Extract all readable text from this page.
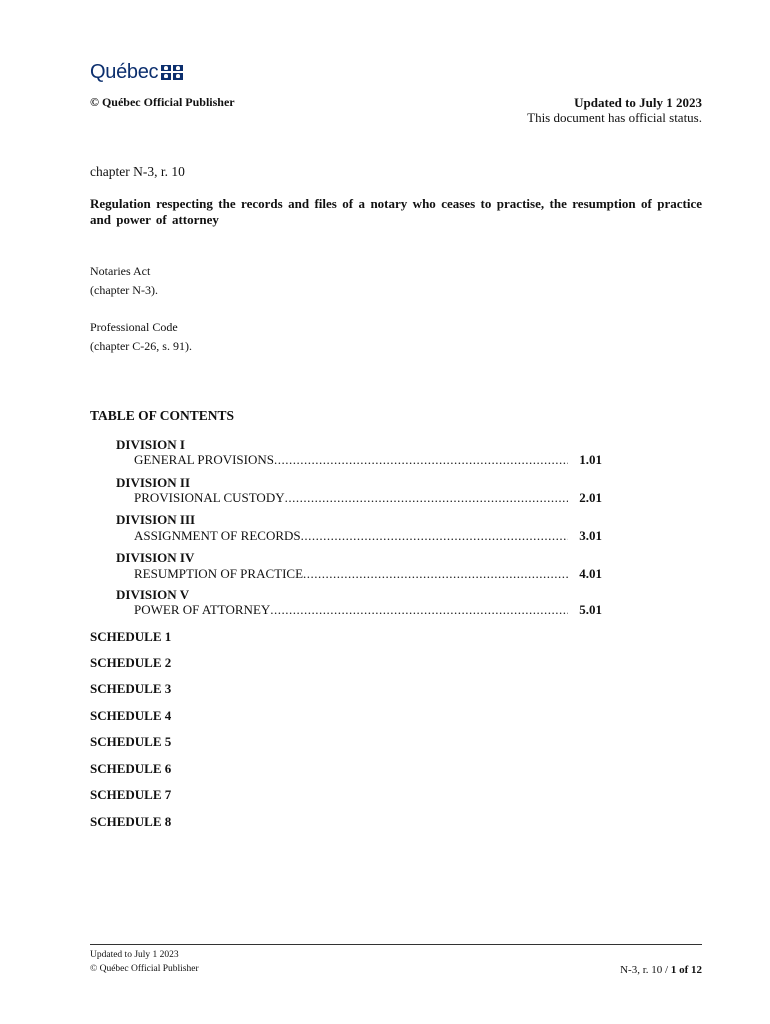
Québec
© Québec Official Publisher	Updated to July 1 2023
This document has official status.
chapter N-3, r. 10
Regulation respecting the records and files of a notary who ceases to practise, the resumption of practice and power of attorney
Notaries Act
(chapter N-3).
Professional Code
(chapter C-26, s. 91).
TABLE OF CONTENTS
DIVISION I
GENERAL PROVISIONS .....	1.01
DIVISION II
PROVISIONAL CUSTODY .....	2.01
DIVISION III
ASSIGNMENT OF RECORDS .....	3.01
DIVISION IV
RESUMPTION OF PRACTICE .....	4.01
DIVISION V
POWER OF ATTORNEY .....	5.01
SCHEDULE 1
SCHEDULE 2
SCHEDULE 3
SCHEDULE 4
SCHEDULE 5
SCHEDULE 6
SCHEDULE 7
SCHEDULE 8
Updated to July 1 2023
© Québec Official Publisher	N-3, r. 10 / 1 of 12
